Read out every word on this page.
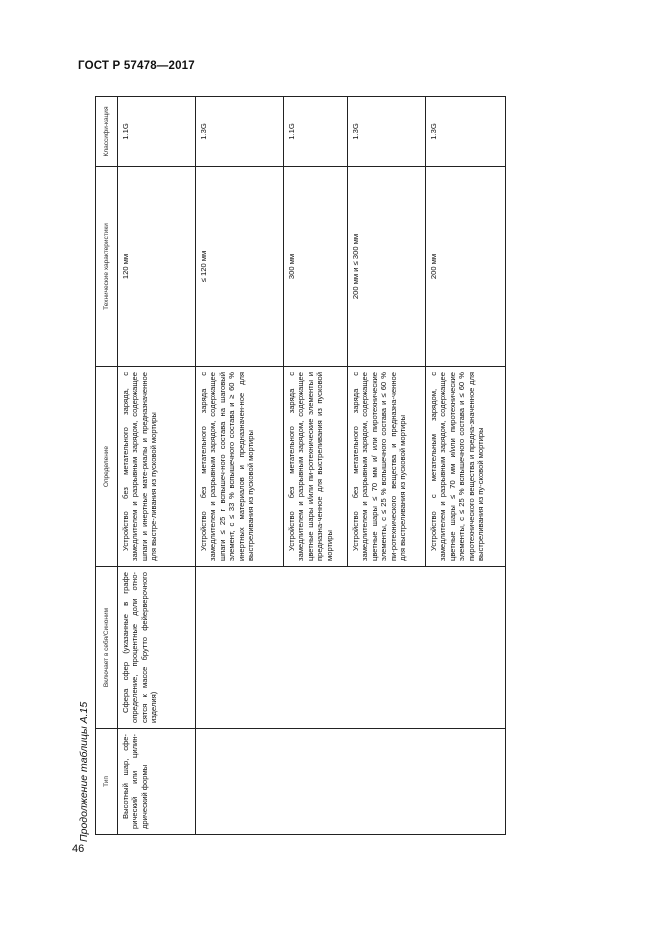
ГОСТ Р 57478—2017
46
Продолжение таблицы А.15 Тип	Включает в себя/Синоним	Определение	Технические характеристики	Классифи-кация
Высотный шар, сфе-рический или цилин-дрический формы	Сфера сфер (указанные в графе определение, процентные доли отно-сятся к массе брутто фейерверочного изделия)	Устройство без метательного заряда, с замедлителем и разрывным зарядом, содержащее шпаги и инертные мате-риалы и предназначенное для выстре-ливания из пусковой мортиры	120 мм	1.1G
		Устройство без метательного заряда с замедлителем и разрывным зарядом, содержащее шпаги ≤ 25 г вспышеч-ного состава на шаговый элемент, с ≤ 33 % вспышечного состава и ≥ 60 % инертных материалов и предназначен-ное для выстреливания из пусковой мортиры	≤ 120 мм	1.3G
		Устройство без метательного заряда с замедлителем и разрывным зарядом, содержащее цветные шары и/или пи-ротехнические элементы и предназна-ченное для выстреливания из пусковой мортиры	300 мм	1.1G
		Устройство без метательного заряда с замедлителем и разрывным зарядом, содержащее цветные шары ≤ 70 мм и/ или пиротехнические элементы, с ≤ 25 % вспышечного состава и ≤ 60 % пи-ротехнического вещества и предназна-ченное для выстреливания из пусковой мортиры	200 мм и ≤ 300 мм	1.3G
		Устройство с метательным зарядом, с замедлителем и разрывным зарядом, содержащее цветные шары ≤ 70 мм и/или пиротехнические элементы, с ≤ 25 % вспышечного состава и ≤ 60 % пиротехнического вещества и предна-значенное для выстреливания из пу-сковой мортиры	200 мм	1.3G
